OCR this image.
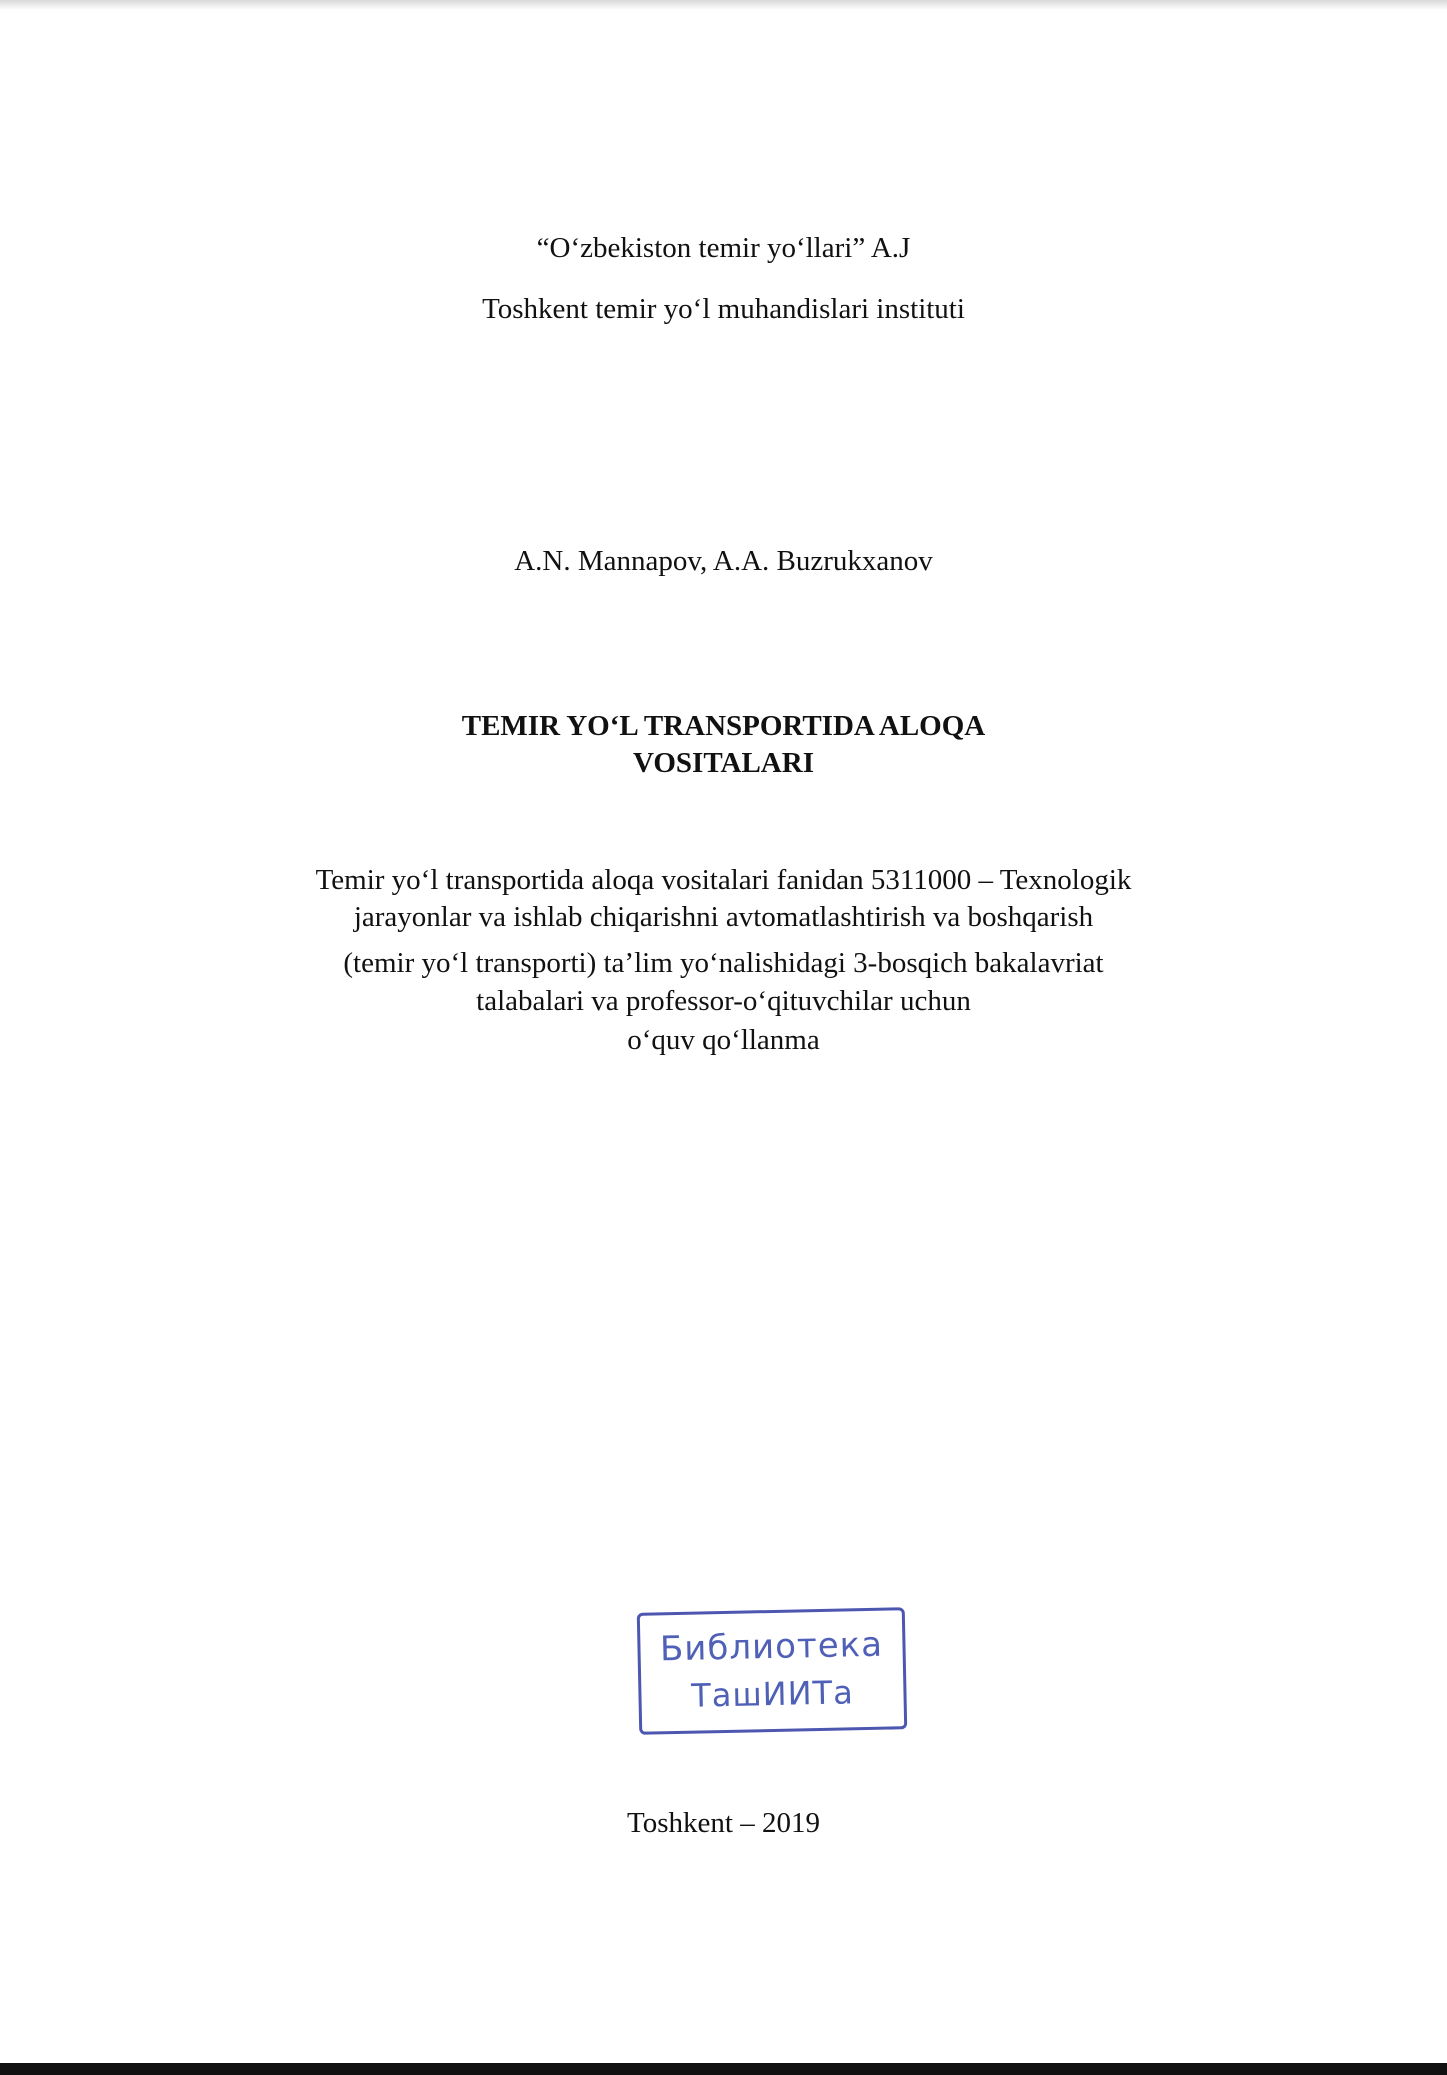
“O‘zbekiston temir yo‘llari” A.J
Toshkent temir yo‘l muhandislari instituti
A.N. Mannapov, A.A. Buzrukxanov
TEMIR YO‘L TRANSPORTIDA ALOQA
VOSITALARI
Temir yo‘l transportida aloqa vositalari fanidan 5311000 – Texnologik
jarayonlar va ishlab chiqarishni avtomatlashtirish va boshqarish
(temir yo‘l transporti) ta’lim yo‘nalishidagi 3-bosqich bakalavriat
talabalari va professor-o‘qituvchilar uchun
o‘quv qo‘llanma
Библиотека
ТашИИТа
Toshkent – 2019
